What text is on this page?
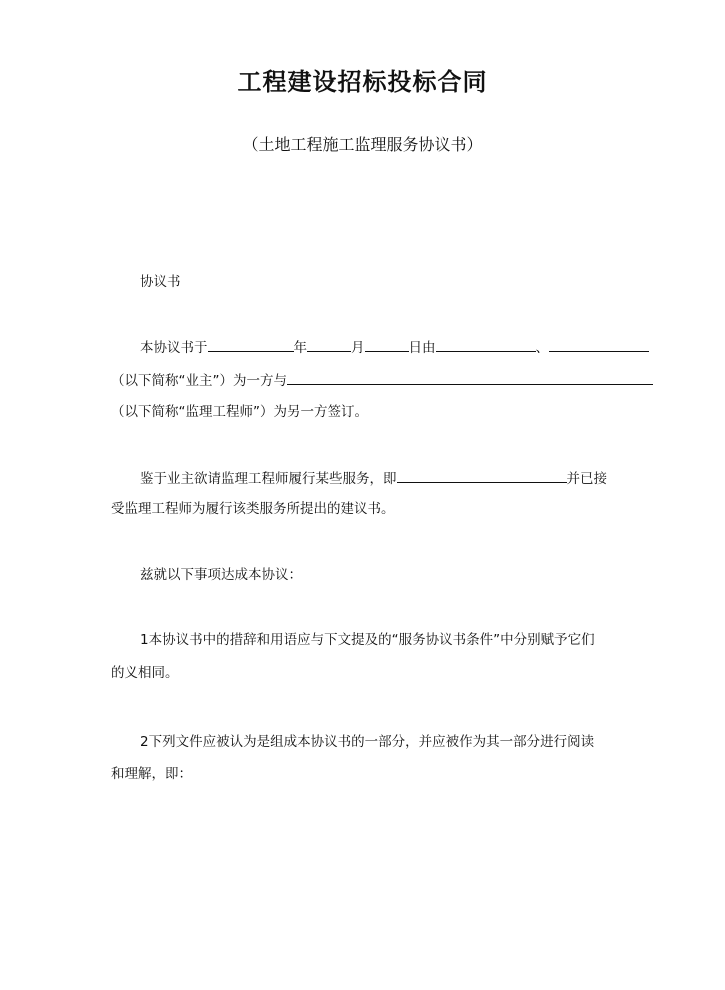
工程建设招标投标合同
（土地工程施工监理服务协议书）
协议书
本协议书于	年	月	日由	、
（以下简称“业主”）为一方与
（以下简称“监理工程师”）为另一方签订。
鉴于业主欲请监理工程师履行某些服务，即	并已接
受监理工程师为履行该类服务所提出的建议书。
兹就以下事项达成本协议：
1本协议书中的措辞和用语应与下文提及的“服务协议书条件”中分别赋予它们
的义相同。
2下列文件应被认为是组成本协议书的一部分，并应被作为其一部分进行阅读
和理解，即：
